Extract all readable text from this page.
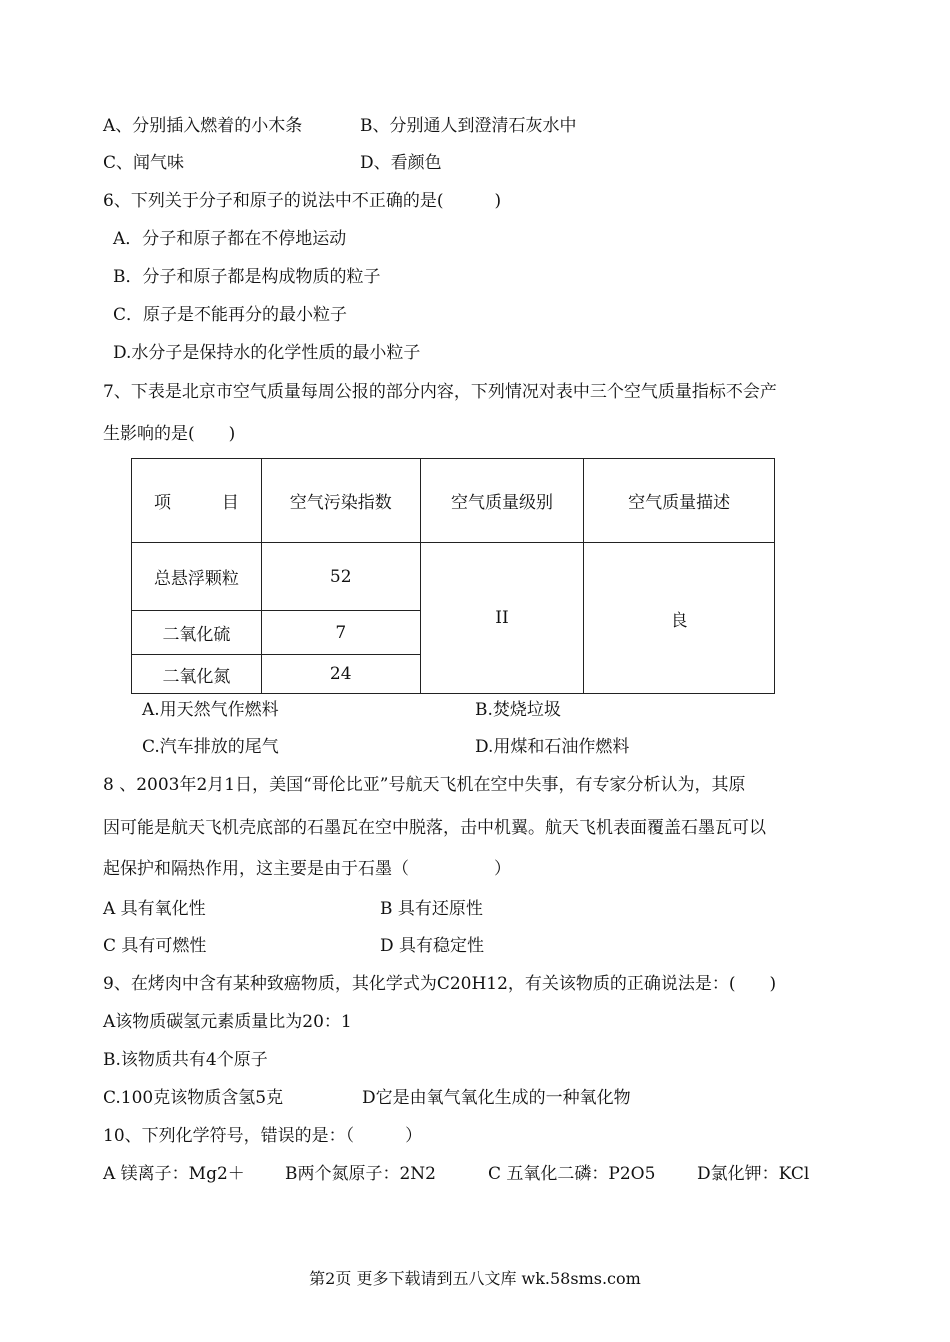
A、分别插入燃着的小木条	B、分别通人到澄清石灰水中
C、闻气味	D、看颜色
6、下列关于分子和原子的说法中不正确的是(　　　)
A．分子和原子都在不停地运动
B．分子和原子都是构成物质的粒子
C．原子是不能再分的最小粒子
D.水分子是保持水的化学性质的最小粒子
7、下表是北京市空气质量每周公报的部分内容，下列情况对表中三个空气质量指标不会产
生影响的是(　　)
项　　　目	空气污染指数	空气质量级别	空气质量描述
总悬浮颗粒	52	II	良
二氧化硫	7		
二氧化氮	24		
A.用天然气作燃料	B.焚烧垃圾
C.汽车排放的尾气	D.用煤和石油作燃料
8 、2003年2月1日，美国“哥伦比亚”号航天飞机在空中失事，有专家分析认为，其原
因可能是航天飞机壳底部的石墨瓦在空中脱落，击中机翼。航天飞机表面覆盖石墨瓦可以
起保护和隔热作用，这主要是由于石墨（　　　　　）
A 具有氧化性	B 具有还原性
C 具有可燃性	D 具有稳定性
9、在烤肉中含有某种致癌物质，其化学式为C20H12，有关该物质的正确说法是：(　　)
A该物质碳氢元素质量比为20：1
B.该物质共有4个原子
C.100克该物质含氢5克	D它是由氧气氧化生成的一种氧化物
10、下列化学符号，错误的是：（　　　）
A 镁离子：Mg2＋ B两个氮原子：2N2	C 五氧化二磷：P2O5 D氯化钾：KCl
第2页 更多下载请到五八文库 wk.58sms.com
